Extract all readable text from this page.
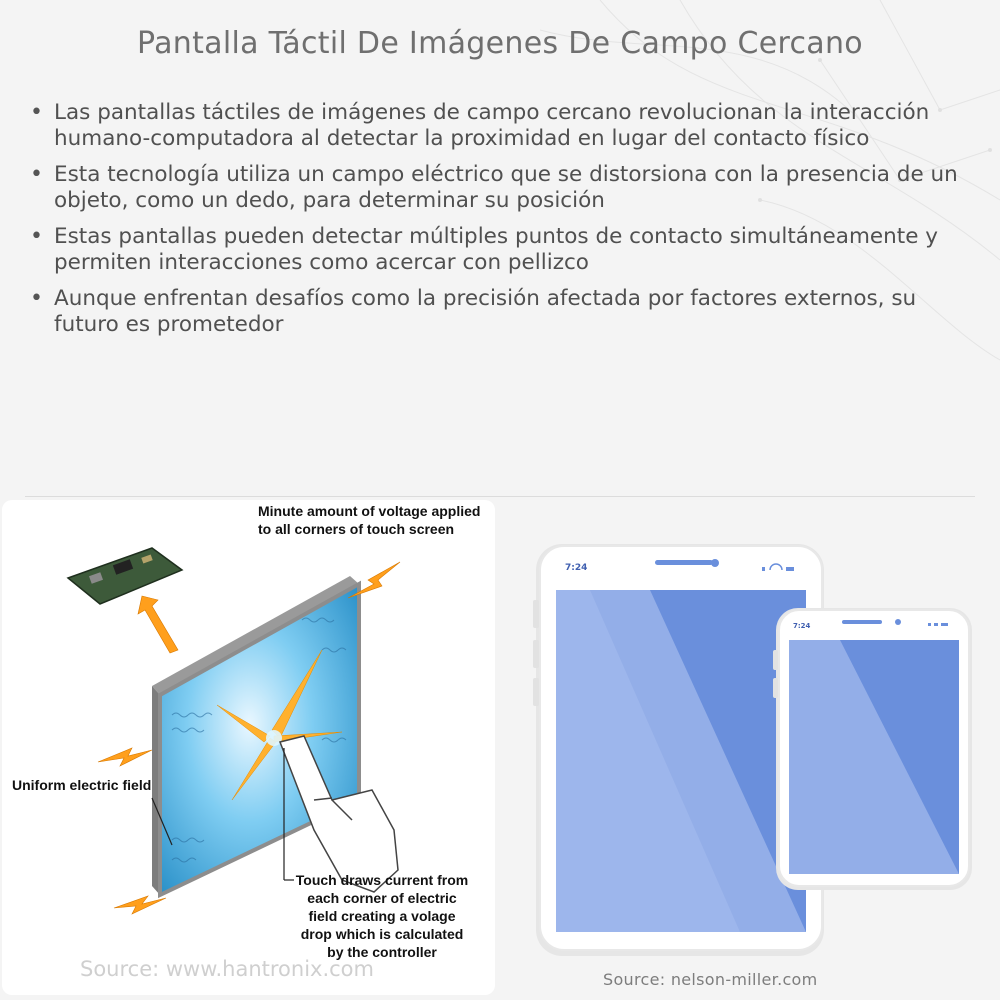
Pantalla Táctil De Imágenes De Campo Cercano
• Las pantallas táctiles de imágenes de campo cercano revolucionan la interacción humano-computadora al detectar la proximidad en lugar del contacto físico
• Esta tecnología utiliza un campo eléctrico que se distorsiona con la presencia de un objeto, como un dedo, para determinar su posición
• Estas pantallas pueden detectar múltiples puntos de contacto simultáneamente y permiten interacciones como acercar con pellizco
• Aunque enfrentan desafíos como la precisión afectada por factores externos, su futuro es prometedor
Minute amount of voltage applied to all corners of touch screen
Uniform electric field
Touch draws current from each corner of electric field creating a volage drop which is calculated by the controller
Source: www.hantronix.com
7:24
7:24
Source: nelson-miller.com
